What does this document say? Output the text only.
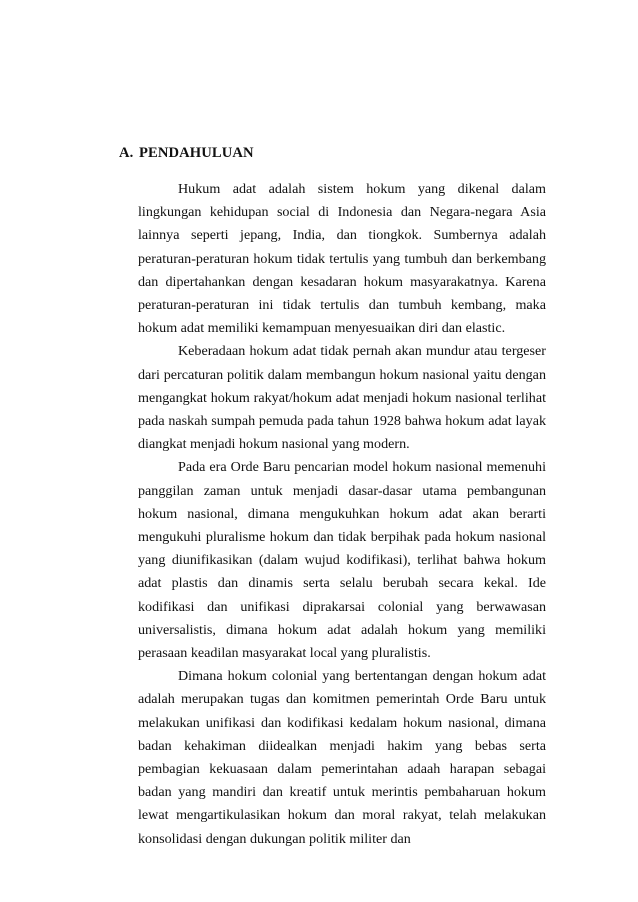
A. PENDAHULUAN

Hukum adat adalah sistem hokum yang dikenal dalam lingkungan kehidupan social di Indonesia dan Negara-negara Asia lainnya seperti jepang, India, dan tiongkok. Sumbernya adalah peraturan-peraturan hokum tidak tertulis yang tumbuh dan berkembang dan dipertahankan dengan kesadaran hokum masyarakatnya. Karena peraturan-peraturan ini tidak tertulis dan tumbuh kembang, maka hokum adat memiliki kemampuan menyesuaikan diri dan elastic.

Keberadaan hokum adat tidak pernah akan mundur atau tergeser dari percaturan politik dalam membangun hokum nasional yaitu dengan mengangkat hokum rakyat/hokum adat menjadi hokum nasional terlihat pada naskah sumpah pemuda pada tahun 1928 bahwa hokum adat layak diangkat menjadi hokum nasional yang modern.

Pada era Orde Baru pencarian model hokum nasional memenuhi panggilan zaman untuk menjadi dasar-dasar utama pembangunan hokum nasional, dimana mengukuhkan hokum adat akan berarti mengukuhi pluralisme hokum dan tidak berpihak pada hokum nasional yang diunifikasikan (dalam wujud kodifikasi), terlihat bahwa hokum adat plastis dan dinamis serta selalu berubah secara kekal. Ide kodifikasi dan unifikasi diprakarsai colonial yang berwawasan universalistis, dimana hokum adat adalah hokum yang memiliki perasaan keadilan masyarakat local yang pluralistis.

Dimana hokum colonial yang bertentangan dengan hokum adat adalah merupakan tugas dan komitmen pemerintah Orde Baru untuk melakukan unifikasi dan kodifikasi kedalam hokum nasional, dimana badan kehakiman diidealkan menjadi hakim yang bebas serta pembagian kekuasaan dalam pemerintahan adaah harapan sebagai badan yang mandiri dan kreatif untuk merintis pembaharuan hokum lewat mengartikulasikan hokum dan moral rakyat, telah melakukan konsolidasi dengan dukungan politik militer dan
